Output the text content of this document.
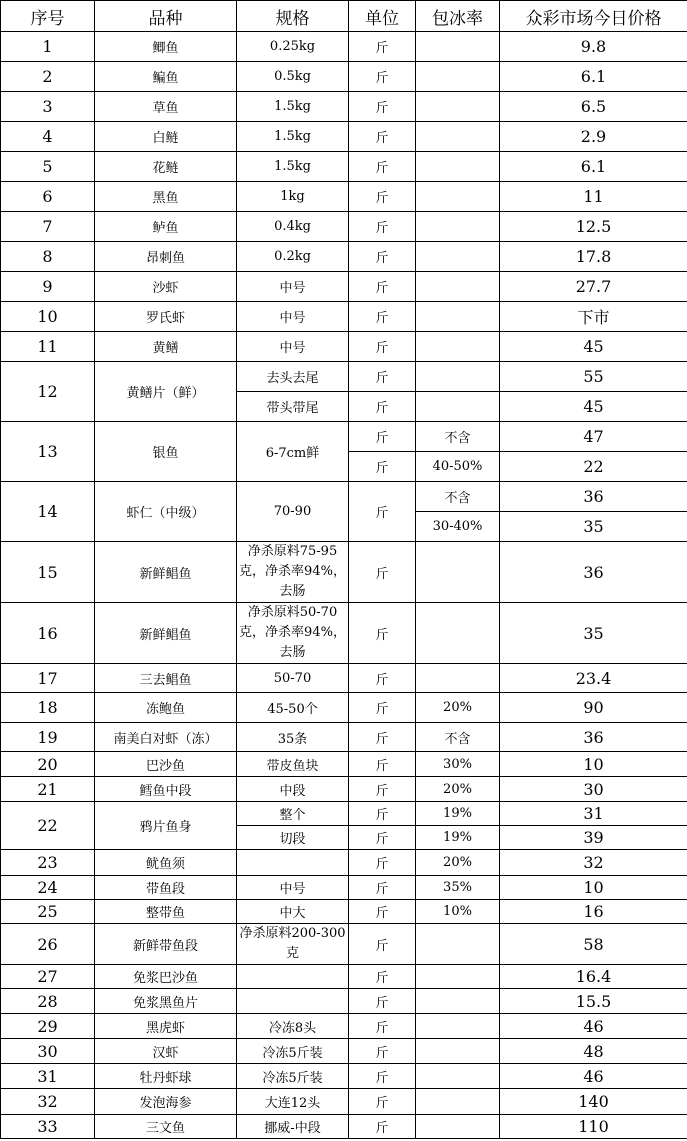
序号	品种	规格	单位	包冰率	众彩市场今日价格
1	鲫鱼	0.25kg	斤		9.8
2	鳊鱼	0.5kg	斤		6.1
3	草鱼	1.5kg	斤		6.5
4	白鲢	1.5kg	斤		2.9
5	花鲢	1.5kg	斤		6.1
6	黑鱼	1kg	斤		11
7	鲈鱼	0.4kg	斤		12.5
8	昂刺鱼	0.2kg	斤		17.8
9	沙虾	中号	斤		27.7
10	罗氏虾	中号	斤		下市
11	黄鳝	中号	斤		45
12	黄鳝片（鲜）	去头去尾	斤		55
		带头带尾	斤		45
13	银鱼	6-7cm鲜	斤	不含	47
			斤	40-50%	22
14	虾仁（中级）	70-90	斤	不含	36
				30-40%	35
15	新鲜鲳鱼	净杀原料75-95克，净杀率94%，去肠	斤		36
16	新鲜鲳鱼	净杀原料50-70克，净杀率94%，去肠	斤		35
17	三去鲳鱼	50-70	斤		23.4
18	冻鲍鱼	45-50个	斤	20%	90
19	南美白对虾（冻）	35条	斤	不含	36
20	巴沙鱼	带皮鱼块	斤	30%	10
21	鳕鱼中段	中段	斤	20%	30
22	鸦片鱼身	整个	斤	19%	31
		切段	斤	19%	39
23	鱿鱼须		斤	20%	32
24	带鱼段	中号	斤	35%	10
25	整带鱼	中大	斤	10%	16
26	新鲜带鱼段	净杀原料200-300克	斤		58
27	免浆巴沙鱼		斤		16.4
28	免浆黑鱼片		斤		15.5
29	黑虎虾	冷冻8头	斤		46
30	汉虾	冷冻5斤装	斤		48
31	牡丹虾球	冷冻5斤装	斤		46
32	发泡海参	大连12头	斤		140
33	三文鱼	挪威-中段	斤		110
